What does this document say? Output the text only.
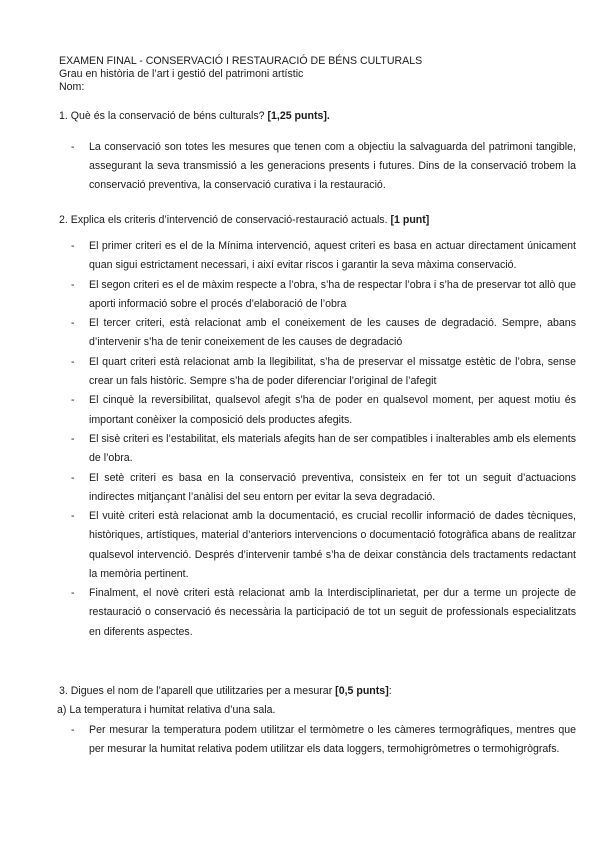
EXAMEN FINAL - CONSERVACIÓ I RESTAURACIÓ DE BÉNS CULTURALS
Grau en història de l’art i gestió del patrimoni artístic
Nom:
1. Què és la conservació de béns culturals? [1,25 punts].
- La conservació son totes les mesures que tenen com a objectiu la salvaguarda del patrimoni tangible, assegurant la seva transmissió a les generacions presents i futures. Dins de la conservació trobem la conservació preventiva, la conservació curativa i la restauració.
2. Explica els criteris d’intervenció de conservació-restauració actuals. [1 punt]
- El primer criteri es el de la Mínima intervenció, aquest criteri es basa en actuar directament únicament quan sigui estrictament necessari, i així evitar riscos i garantir la seva màxima conservació.
- El segon criteri es el de màxim respecte a l’obra, s’ha de respectar l’obra i s’ha de preservar tot allò que aporti informació sobre el procés d’elaboració de l’obra
- El tercer criteri, està relacionat amb el coneixement de les causes de degradació. Sempre, abans d’intervenir s’ha de tenir coneixement de les causes de degradació
- El quart criteri està relacionat amb la llegibilitat, s’ha de preservar el missatge estètic de l’obra, sense crear un fals històric. Sempre s’ha de poder diferenciar l’original de l’afegit
- El cinquè la reversibilitat, qualsevol afegit s’ha de poder en qualsevol moment, per aquest motiu és important conèixer la composició dels productes afegits.
- El sisè criteri es l’estabilitat, els materials afegits han de ser compatibles i inalterables amb els elements de l’obra.
- El setè criteri es basa en la conservació preventiva, consisteix en fer tot un seguit d’actuacions indirectes mitjançant l’anàlisi del seu entorn per evitar la seva degradació.
- El vuitè criteri està relacionat amb la documentació, es crucial recollir informació de dades tècniques, històriques, artístiques, material d’anteriors intervencions o documentació fotogràfica abans de realitzar qualsevol intervenció. Després d’intervenir també s’ha de deixar constància dels tractaments redactant la memòria pertinent.
- Finalment, el novè criteri està relacionat amb la Interdisciplinarietat, per dur a terme un projecte de restauració o conservació és necessària la participació de tot un seguit de professionals especialitzats en diferents aspectes.
3. Digues el nom de l’aparell que utilitzaries per a mesurar [0,5 punts]:
a) La temperatura i humitat relativa d’una sala.
- Per mesurar la temperatura podem utilitzar el termòmetre o les càmeres termogràfiques, mentres que per mesurar la humitat relativa podem utilitzar els data loggers, termohigròmetres o termohigrògrafs.
